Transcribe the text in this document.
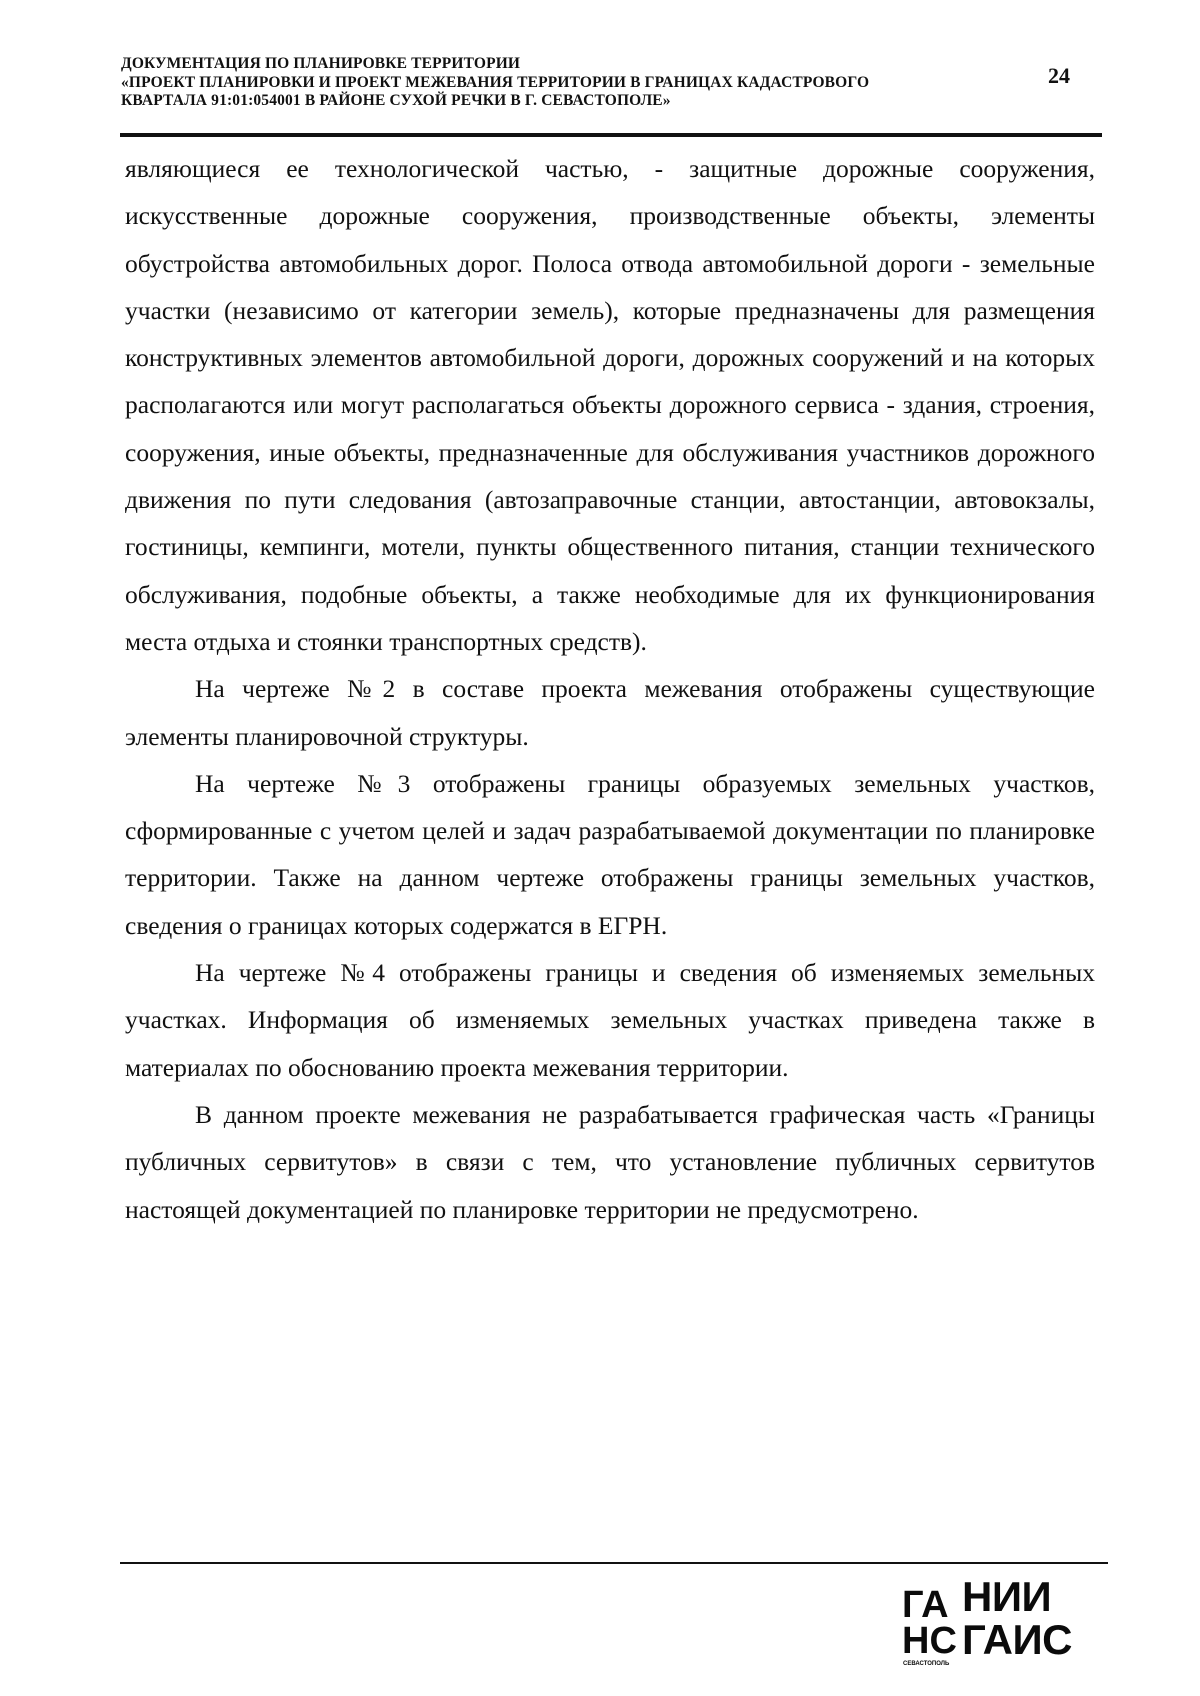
ДОКУМЕНТАЦИЯ ПО ПЛАНИРОВКЕ ТЕРРИТОРИИ
«ПРОЕКТ ПЛАНИРОВКИ И ПРОЕКТ МЕЖЕВАНИЯ ТЕРРИТОРИИ В ГРАНИЦАХ КАДАСТРОВОГО
КВАРТАЛА 91:01:054001 В РАЙОНЕ СУХОЙ РЕЧКИ В Г. СЕВАСТОПОЛЕ»
24

являющиеся ее технологической частью, - защитные дорожные сооружения, искусственные дорожные сооружения, производственные объекты, элементы обустройства автомобильных дорог. Полоса отвода автомобильной дороги - земельные участки (независимо от категории земель), которые предназначены для размещения конструктивных элементов автомобильной дороги, дорожных сооружений и на которых располагаются или могут располагаться объекты дорожного сервиса - здания, строения, сооружения, иные объекты, предназначенные для обслуживания участников дорожного движения по пути следования (автозаправочные станции, автостанции, автовокзалы, гостиницы, кемпинги, мотели, пункты общественного питания, станции технического обслуживания, подобные объекты, а также необходимые для их функционирования места отдыха и стоянки транспортных средств).

На чертеже №2 в составе проекта межевания отображены существующие элементы планировочной структуры.

На чертеже №3 отображены границы образуемых земельных участков, сформированные с учетом целей и задач разрабатываемой документации по планировке территории. Также на данном чертеже отображены границы земельных участков, сведения о границах которых содержатся в ЕГРН.

На чертеже №4 отображены границы и сведения об изменяемых земельных участках. Информация об изменяемых земельных участках приведена также в материалах по обоснованию проекта межевания территории.

В данном проекте межевания не разрабатывается графическая часть «Границы публичных сервитутов» в связи с тем, что установление публичных сервитутов настоящей документацией по планировке территории не предусмотрено.

ГА
НС
СЕВАСТОПОЛЬ
НИИ
ГАИС
